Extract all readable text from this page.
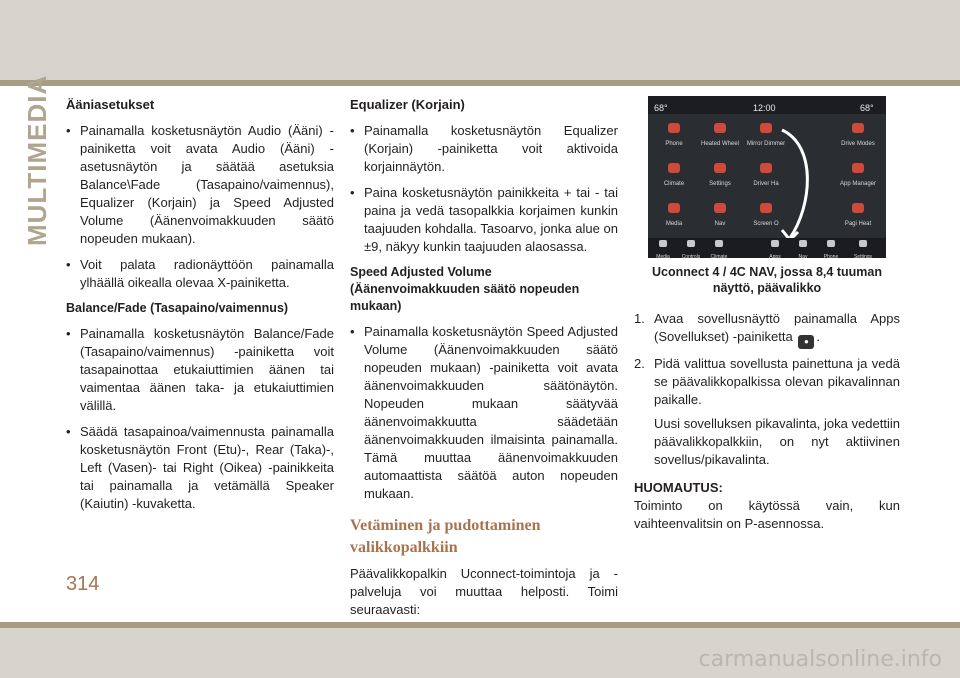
MULTIMEDIA Ääniasetukset
• Painamalla kosketusnäytön Audio (Ääni) -painiketta voit avata Audio (Ääni) -asetusnäytön ja säätää asetuksia Balance\Fade (Tasapaino/vaimennus), Equalizer (Korjain) ja Speed Adjusted Volume (Äänenvoimakkuuden säätö nopeuden mukaan).
• Voit palata radionäyttöön painamalla ylhäällä oikealla olevaa X-painiketta.
Balance/Fade (Tasapaino/vaimennus)
• Painamalla kosketusnäytön Balance/Fade (Tasapaino/vaimennus) -painiketta voit tasapainottaa etukaiuttimien äänen tai vaimentaa äänen taka- ja etukaiuttimien välillä.
• Säädä tasapainoa/vaimennusta painamalla kosketusnäytön Front (Etu)-, Rear (Taka)-, Left (Vasen)- tai Right (Oikea) -painikkeita tai painamalla ja vetämällä Speaker (Kaiutin) -kuvaketta.
Equalizer (Korjain)
• Painamalla kosketusnäytön Equalizer (Korjain) -painiketta voit aktivoida korjainnäytön.
• Paina kosketusnäytön painikkeita + tai - tai paina ja vedä tasopalkkia korjaimen kunkin taajuuden kohdalla. Tasoarvo, jonka alue on ±9, näkyy kunkin taajuuden alaosassa.
Speed Adjusted Volume (Äänenvoimakkuuden säätö nopeuden mukaan)
• Painamalla kosketusnäytön Speed Adjusted Volume (Äänenvoimakkuuden säätö nopeuden mukaan) -painiketta voit avata äänenvoimakkuuden säätönäytön. Nopeuden mukaan säätyvää äänenvoimakkuutta säädetään äänenvoimakkuuden ilmaisinta painamalla. Tämä muuttaa äänenvoimakkuuden automaattista säätöä auton nopeuden mukaan.
Vetäminen ja pudottaminen valikkopalkkiin
Päävalikkopalkin Uconnect-toimintoja ja -palveluja voi muuttaa helposti. Toimi seuraavasti:
68°	12:00	68°
Phone	Heated Wheel Mirror Dimmer	Drive Modes
Climate	Settings	Driver Ha	App Manager
Media	Nav	Screen O	Pagi Heat
Media	Controls	Climate	Apps	Nav	Phone	Settings
Uconnect 4 / 4C NAV, jossa 8,4 tuuman näyttö, päävalikko
1. Avaa sovellusnäyttö painamalla Apps (Sovellukset) -painiketta ● .
2. Pidä valittua sovellusta painettuna ja vedä se päävalikkopalkissa olevan pikavalinnan paikalle.
Uusi sovelluksen pikavalinta, joka vedettiin päävalikkopalkkiin, on nyt aktiivinen sovellus/pikavalinta.
HUOMAUTUS:
Toiminto on käytössä vain, kun vaihteenvalitsin on P-asennossa.
314
carmanualsonline.info
